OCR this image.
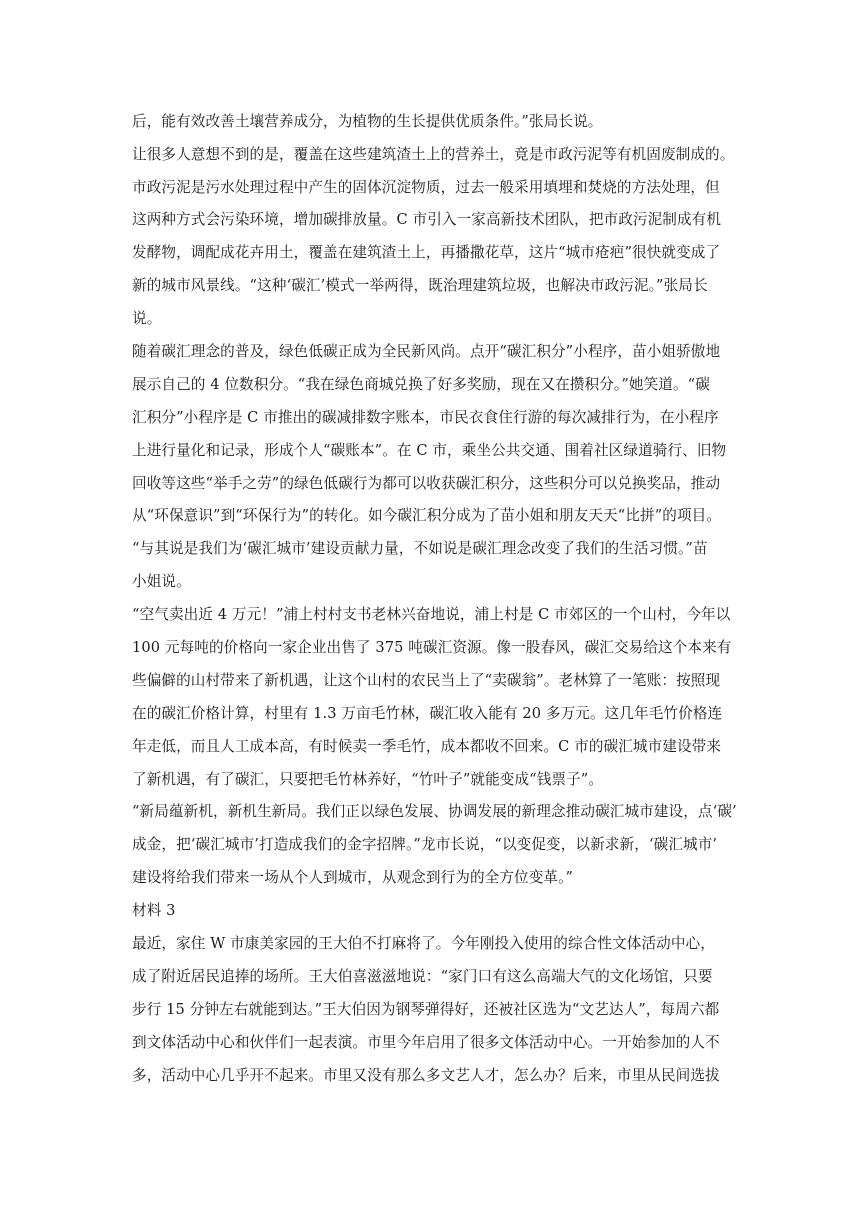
后，能有效改善土壤营养成分，为植物的生长提供优质条件。”张局长说。
让很多人意想不到的是，覆盖在这些建筑渣土上的营养土，竟是市政污泥等有机固废制成的。
市政污泥是污水处理过程中产生的固体沉淀物质，过去一般采用填埋和焚烧的方法处理，但
这两种方式会污染环境，增加碳排放量。C 市引入一家高新技术团队，把市政污泥制成有机
发酵物，调配成花卉用土，覆盖在建筑渣土上，再播撒花草，这片“城市疮疤”很快就变成了
新的城市风景线。“这种‘碳汇’模式一举两得，既治理建筑垃圾，也解决市政污泥。”张局长
说。
随着碳汇理念的普及，绿色低碳正成为全民新风尚。点开“碳汇积分”小程序，苗小姐骄傲地
展示自己的 4 位数积分。“我在绿色商城兑换了好多奖励，现在又在攒积分。”她笑道。“碳
汇积分”小程序是 C 市推出的碳减排数字账本，市民衣食住行游的每次减排行为，在小程序
上进行量化和记录，形成个人“碳账本”。在 C 市，乘坐公共交通、围着社区绿道骑行、旧物
回收等这些“举手之劳”的绿色低碳行为都可以收获碳汇积分，这些积分可以兑换奖品，推动
从“环保意识”到“环保行为”的转化。如今碳汇积分成为了苗小姐和朋友天天“比拼”的项目。
“与其说是我们为‘碳汇城市’建设贡献力量，不如说是碳汇理念改变了我们的生活习惯。”苗
小姐说。
“空气卖出近 4 万元！”浦上村村支书老林兴奋地说，浦上村是 C 市郊区的一个山村，今年以
100 元每吨的价格向一家企业出售了 375 吨碳汇资源。像一股春风，碳汇交易给这个本来有
些偏僻的山村带来了新机遇，让这个山村的农民当上了“卖碳翁”。老林算了一笔账：按照现
在的碳汇价格计算，村里有 1.3 万亩毛竹林，碳汇收入能有 20 多万元。这几年毛竹价格连
年走低，而且人工成本高，有时候卖一季毛竹，成本都收不回来。C 市的碳汇城市建设带来
了新机遇，有了碳汇，只要把毛竹林养好，“竹叶子”就能变成“钱票子”。
“新局蕴新机，新机生新局。我们正以绿色发展、协调发展的新理念推动碳汇城市建设，点‘碳’
成金，把‘碳汇城市’打造成我们的金字招牌。”龙市长说，“以变促变，以新求新，‘碳汇城市’
建设将给我们带来一场从个人到城市，从观念到行为的全方位变革。”
材料 3
最近，家住 W 市康美家园的王大伯不打麻将了。今年刚投入使用的综合性文体活动中心，
成了附近居民追捧的场所。王大伯喜滋滋地说：“家门口有这么高端大气的文化场馆，只要
步行 15 分钟左右就能到达。”王大伯因为钢琴弹得好，还被社区选为“文艺达人”，每周六都
到文体活动中心和伙伴们一起表演。市里今年启用了很多文体活动中心。一开始参加的人不
多，活动中心几乎开不起来。市里又没有那么多文艺人才，怎么办？后来，市里从民间选拔
